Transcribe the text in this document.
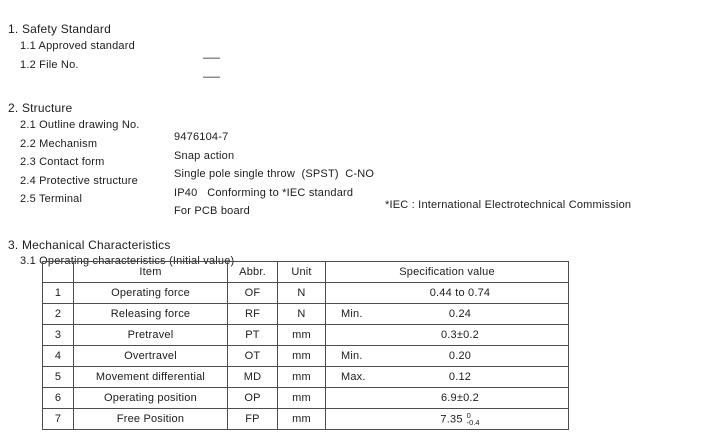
1. Safety Standard

1.1 Approved standard

—

1.2 File No.

—

2. Structure

2.1 Outline drawing No.

9476104-7

2.2 Mechanism

Snap action

2.3 Contact form

Single pole single throw  (SPST)  C-NO

2.4 Protective structure

IP40   Conforming to *IEC standard

*IEC : International Electrotechnical Commission

2.5 Terminal

For PCB board

3. Mechanical Characteristics

3.1 Operating characteristics (Initial value)

	Item	Abbr.	Unit	Specification value
1	Operating force	OF	N	0.44 to 0.74

2	Releasing force	RF	N	Min. 0.24

3	Pretravel	PT	mm	0.3±0.2

4	Overtravel	OT	mm	Min. 0.20

5	Movement differential	MD	mm	Max. 0.12

6	Operating position	OP	mm	6.9±0.2

7	Free Position	FP	mm	7.35 0
-0.4
